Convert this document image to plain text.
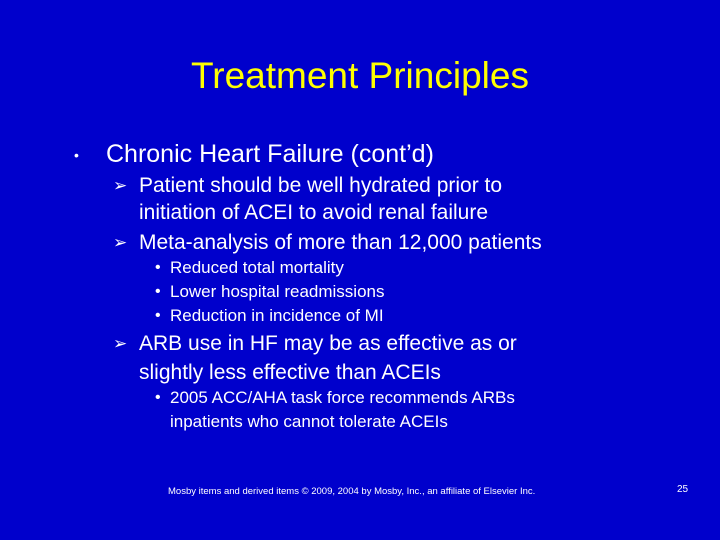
Treatment Principles
• Chronic Heart Failure (cont’d)
➢ Patient should be well hydrated prior to
initiation of ACEI to avoid renal failure
➢ Meta-analysis of more than 12,000 patients
• Reduced total mortality
• Lower hospital readmissions
• Reduction in incidence of MI
➢ ARB use in HF may be as effective as or
slightly less effective than ACEIs
• 2005 ACC/AHA task force recommends ARBs
inpatients who cannot tolerate ACEIs
Mosby items and derived items © 2009, 2004 by Mosby, Inc., an affiliate of Elsevier Inc.	25
